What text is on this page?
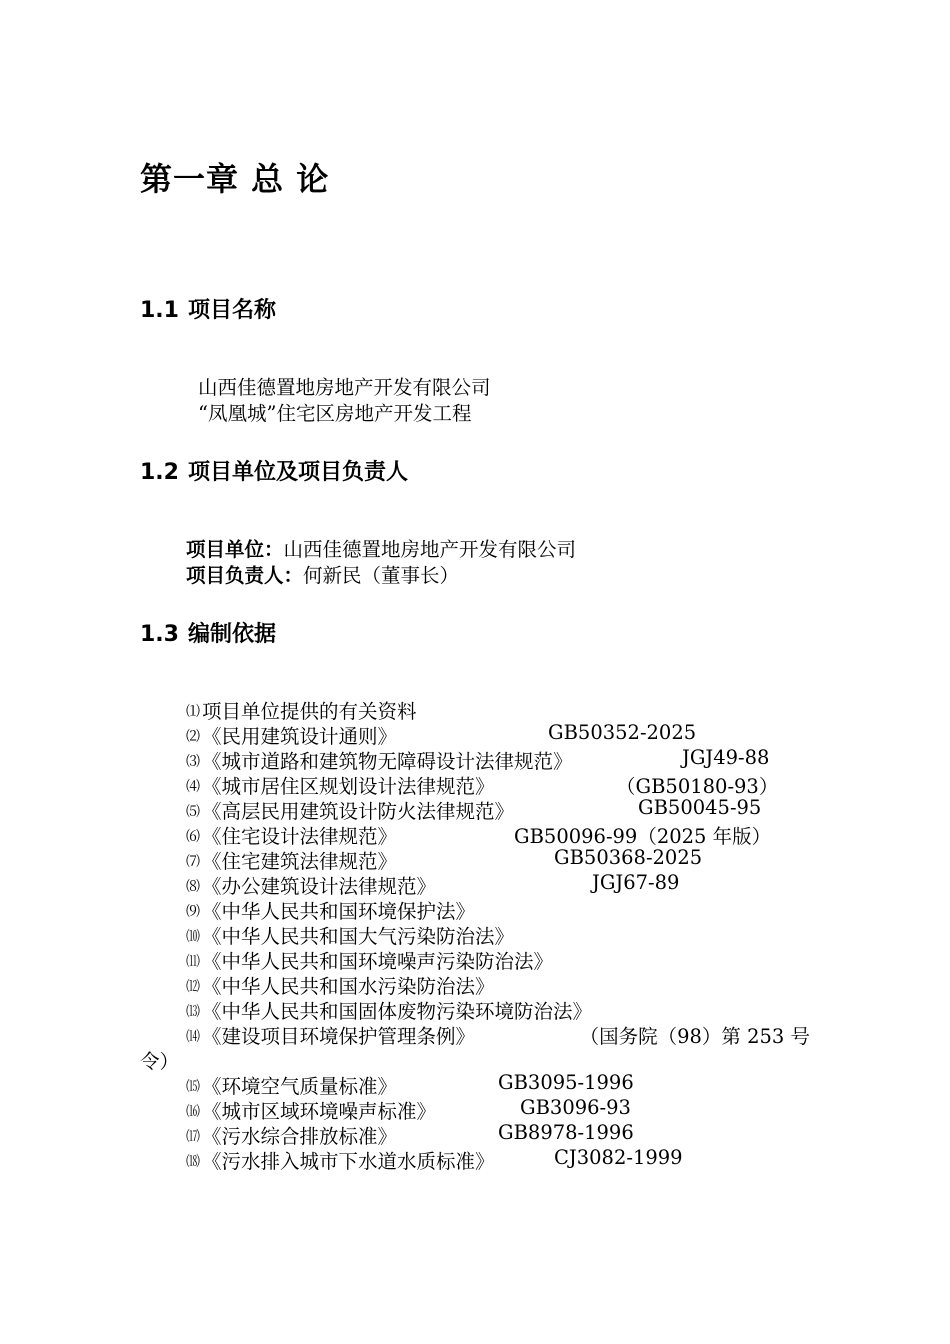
第一章 总 论
1.1 项目名称
山西佳德置地房地产开发有限公司
“凤凰城”住宅区房地产开发工程
1.2 项目单位及项目负责人
项目单位：山西佳德置地房地产开发有限公司
项目负责人：何新民（董事长）
1.3 编制依据
⑴ 项目单位提供的有关资料
⑵ 《民用建筑设计通则》	GB50352-2025
⑶ 《城市道路和建筑物无障碍设计法律规范》	JGJ49-88
⑷ 《城市居住区规划设计法律规范》	（GB50180-93）
⑸ 《高层民用建筑设计防火法律规范》	GB50045-95
⑹ 《住宅设计法律规范》	GB50096-99（2025 年版）
⑺ 《住宅建筑法律规范》	GB50368-2025
⑻ 《办公建筑设计法律规范》	JGJ67-89
⑼ 《中华人民共和国环境保护法》
⑽ 《中华人民共和国大气污染防治法》
⑾ 《中华人民共和国环境噪声污染防治法》
⑿ 《中华人民共和国水污染防治法》
⒀ 《中华人民共和国固体废物污染环境防治法》
⒁ 《建设项目环境保护管理条例》	（国务院（98）第 253 号
令）
⒂ 《环境空气质量标准》	GB3095-1996
⒃ 《城市区域环境噪声标准》	GB3096-93
⒄ 《污水综合排放标准》	GB8978-1996
⒅ 《污水排入城市下水道水质标准》	CJ3082-1999
